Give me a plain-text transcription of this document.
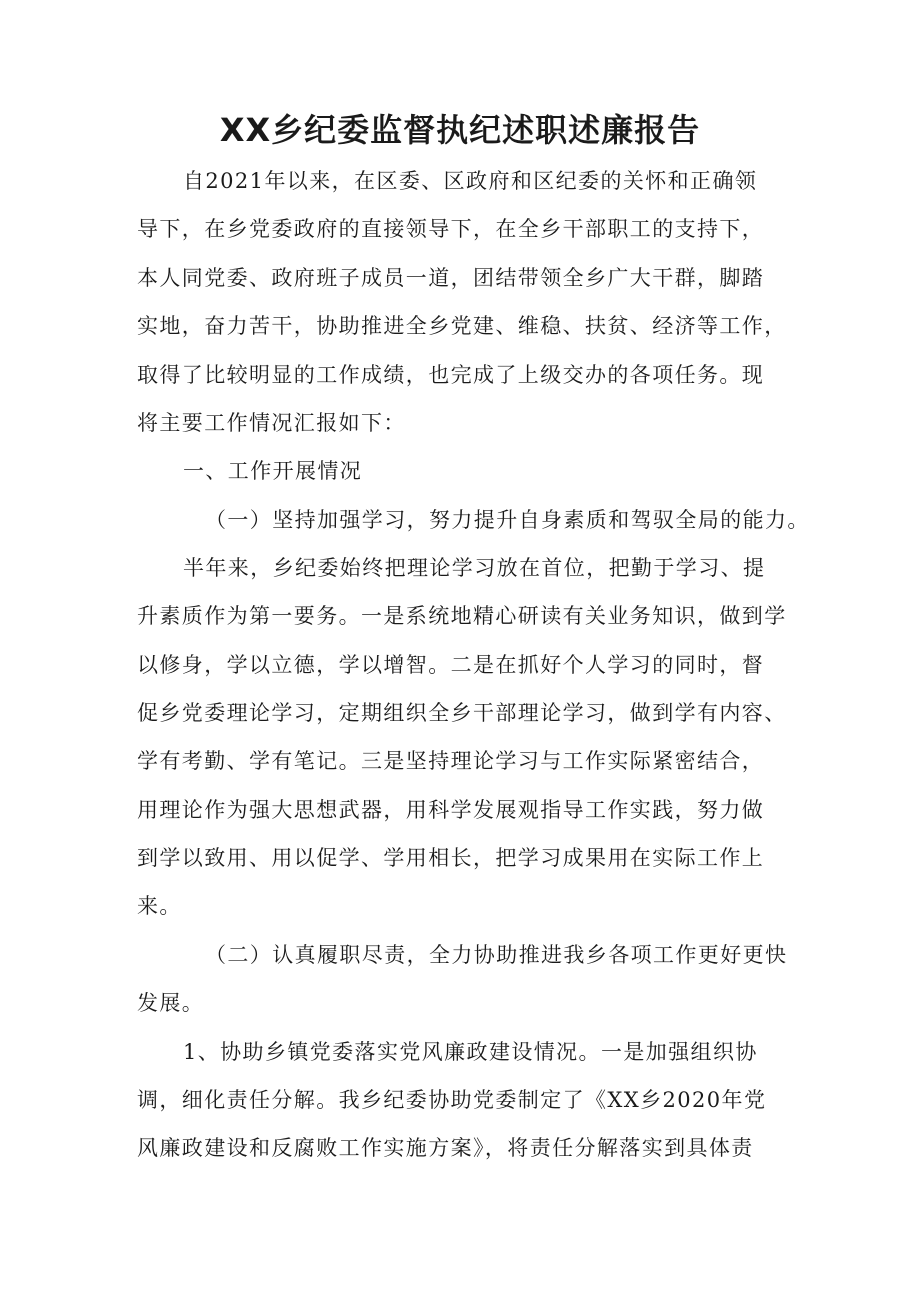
XX乡纪委监督执纪述职述廉报告
自2021年以来，在区委、区政府和区纪委的关怀和正确领
导下，在乡党委政府的直接领导下，在全乡干部职工的支持下，
本人同党委、政府班子成员一道，团结带领全乡广大干群，脚踏
实地，奋力苦干，协助推进全乡党建、维稳、扶贫、经济等工作，
取得了比较明显的工作成绩，也完成了上级交办的各项任务。现
将主要工作情况汇报如下：
一、工作开展情况
（一）坚持加强学习，努力提升自身素质和驾驭全局的能力。
半年来，乡纪委始终把理论学习放在首位，把勤于学习、提
升素质作为第一要务。一是系统地精心研读有关业务知识，做到学
以修身，学以立德，学以增智。二是在抓好个人学习的同时，督
促乡党委理论学习，定期组织全乡干部理论学习，做到学有内容、
学有考勤、学有笔记。三是坚持理论学习与工作实际紧密结合，
用理论作为强大思想武器，用科学发展观指导工作实践，努力做
到学以致用、用以促学、学用相长，把学习成果用在实际工作上
来。
（二）认真履职尽责，全力协助推进我乡各项工作更好更快
发展。
1、协助乡镇党委落实党风廉政建设情况。一是加强组织协
调，细化责任分解。我乡纪委协助党委制定了《XX乡2020年党
风廉政建设和反腐败工作实施方案》，将责任分解落实到具体责
